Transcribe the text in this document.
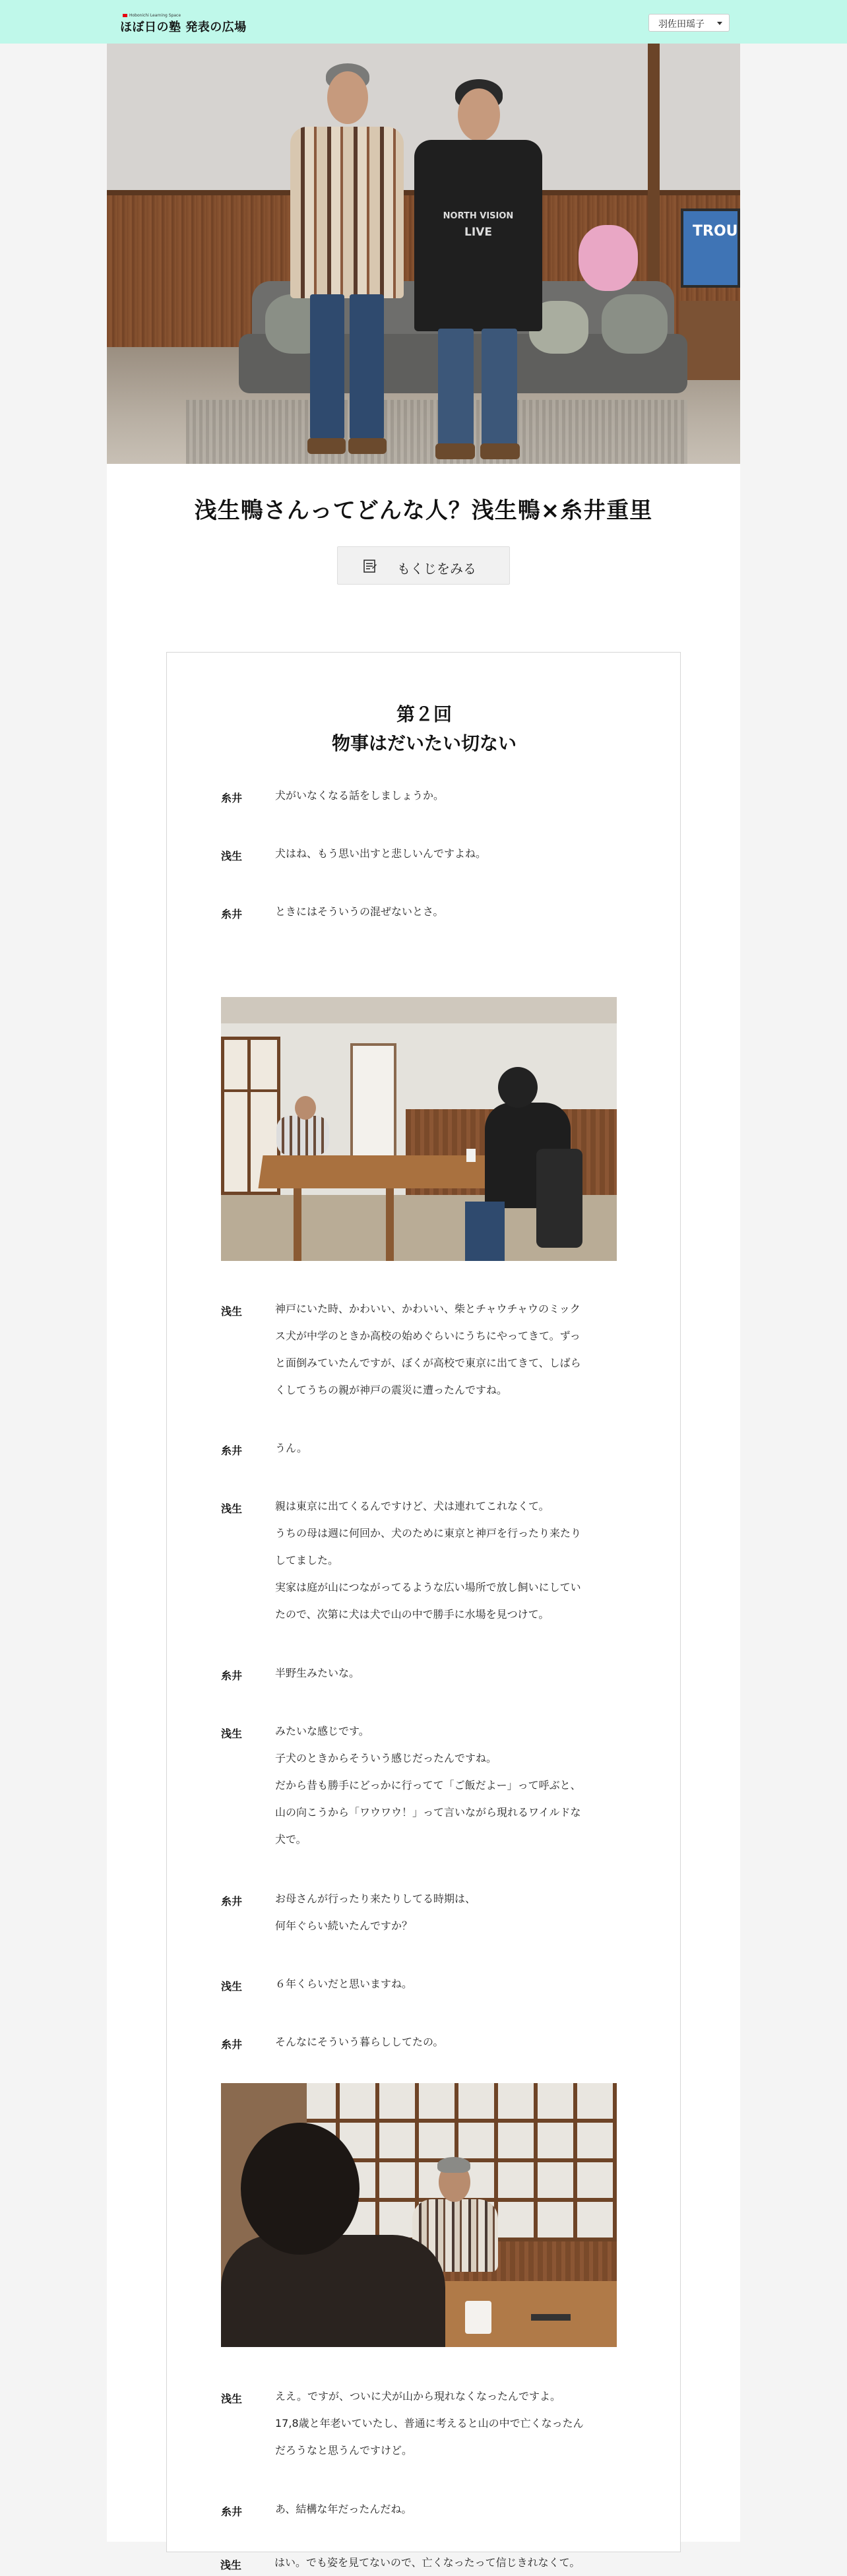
Hobonichi Learning Space
ほぼ日の塾 発表の広場	羽佐田瑶子
TROU
NORTH VISION
LIVE
浅生鴨さんってどんな人？浅生鴨×糸井重里
もくじをみる
第２回
物事はだいたい切ない
糸井	犬がいなくなる話をしましょうか。
浅生	犬はね、もう思い出すと悲しいんですよね。
糸井	ときにはそういうの混ぜないとさ。
浅生	神戸にいた時、かわいい、かわいい、柴とチャウチャウのミック
ス犬が中学のときか高校の始めぐらいにうちにやってきて。ずっ
と面倒みていたんですが、ぼくが高校で東京に出てきて、しばら
くしてうちの親が神戸の震災に遭ったんですね。
糸井	うん。
浅生	親は東京に出てくるんですけど、犬は連れてこれなくて。
うちの母は週に何回か、犬のために東京と神戸を行ったり来たり
してました。
実家は庭が山につながってるような広い場所で放し飼いにしてい
たので、次第に犬は犬で山の中で勝手に水場を見つけて。
糸井	半野生みたいな。
浅生	みたいな感じです。
子犬のときからそういう感じだったんですね。
だから昔も勝手にどっかに行ってて「ご飯だよー」って呼ぶと、
山の向こうから「ワウワウ！」って言いながら現れるワイルドな
犬で。
糸井	お母さんが行ったり来たりしてる時期は、
何年ぐらい続いたんですか？
浅生	６年くらいだと思いますね。
糸井	そんなにそういう暮らししてたの。
浅生	ええ。ですが、ついに犬が山から現れなくなったんですよ。
17,8歳と年老いていたし、普通に考えると山の中で亡くなったん
だろうなと思うんですけど。
糸井	あ、結構な年だったんだね。
浅生	はい。でも姿を見てないので、亡くなったって信じきれなくて。
